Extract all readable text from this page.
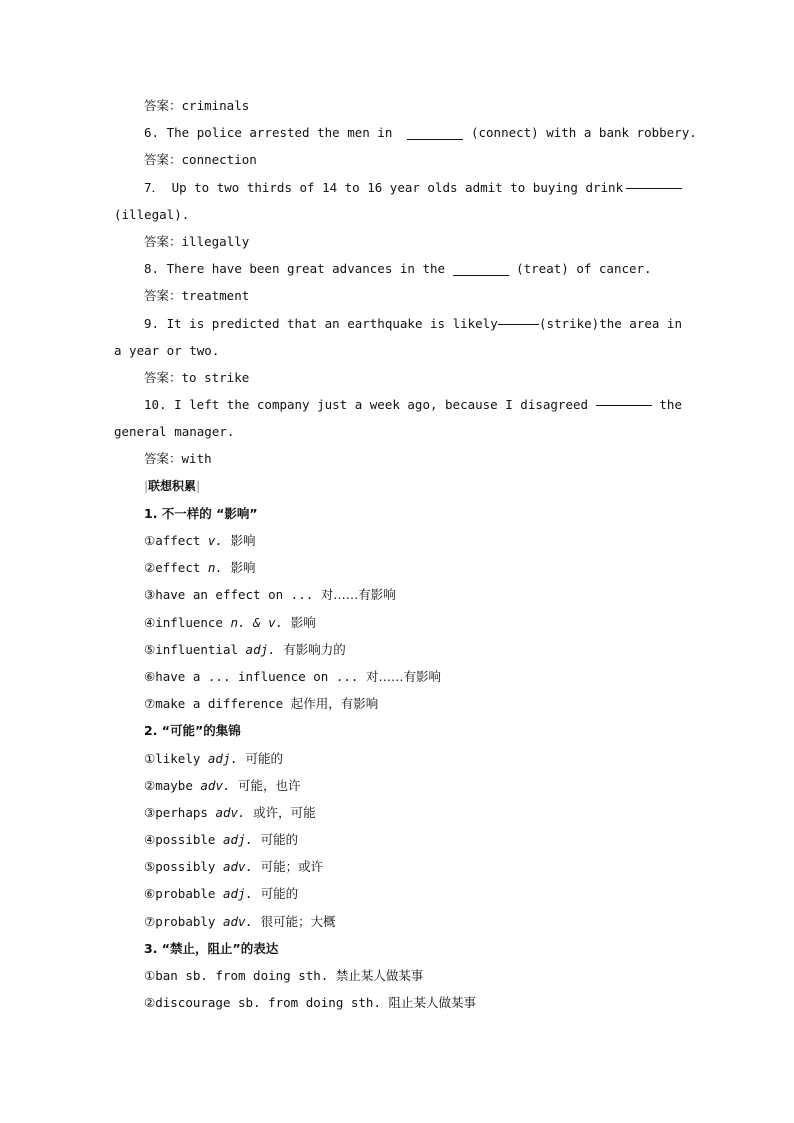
答案：criminals
6. The police arrested the men in	(connect) with a bank robbery.
答案：connection
7． Up to two thirds of 14 to 16 year olds admit to buying drink
(illegal).
答案：illegally
8. There have been great advances in the	(treat) of cancer.
答案：treatment
9. It is predicted that an earthquake is likely	(strike) the area in
a year or two.
答案：to strike
10. I left the company just a week ago, because I disagreed	the
general manager.
答案：with
|联想积累|
1. 不一样的 “影响”
①affect v. 影响
②effect n. 影响
③have an effect on ... 对……有影响
④influence n. & v. 影响
⑤influential adj. 有影响力的
⑥have a ... influence on ... 对……有影响
⑦make a difference 起作用，有影响
2. “可能”的集锦
①likely adj. 可能的
②maybe adv. 可能，也许
③perhaps adv. 或许，可能
④possible adj. 可能的
⑤possibly adv. 可能；或许
⑥probable adj. 可能的
⑦probably adv. 很可能；大概
3. “禁止，阻止”的表达
①ban sb. from doing sth. 禁止某人做某事
②discourage sb. from doing sth. 阻止某人做某事
